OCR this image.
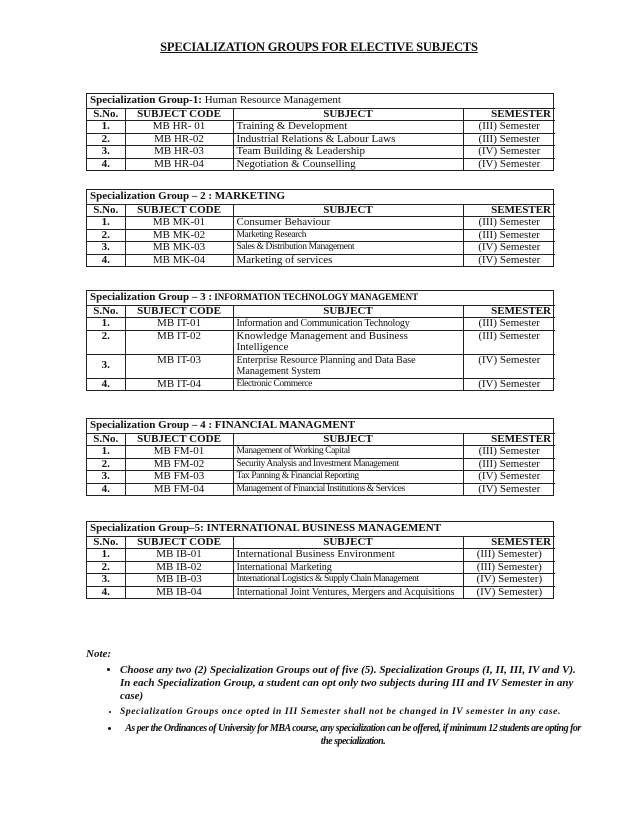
SPECIALIZATION GROUPS FOR ELECTIVE SUBJECTS
Specialization Group-1: Human Resource Management			
S.No.	SUBJECT CODE	SUBJECT	SEMESTER
1.	MB HR- 01	Training & Development	(III) Semester
2.	MB HR-02	Industrial Relations & Labour Laws	(III) Semester
3.	MB HR-03	Team Building & Leadership	(IV) Semester
4.	MB HR-04	Negotiation & Counselling	(IV) Semester
Specialization Group – 2 : MARKETING			
S.No.	SUBJECT CODE	SUBJECT	SEMESTER
1.	MB MK-01	Consumer Behaviour	(III) Semester
2.	MB MK-02	Marketing Research	(III) Semester
3.	MB MK-03	Sales & Distribution Management	(IV) Semester
4.	MB MK-04	Marketing of services	(IV) Semester
Specialization Group – 3 : INFORMATION TECHNOLOGY MANAGEMENT			
S.No.	SUBJECT CODE	SUBJECT	SEMESTER
1.	MB IT-01	Information and Communication Technology	(III) Semester
2.	MB IT-02	Knowledge Management and Business Intelligence	(III) Semester
3.	MB IT-03	Enterprise Resource Planning and Data Base Management System	(IV) Semester
4.	MB IT-04	Electronic Commerce	(IV) Semester
Specialization Group – 4 : FINANCIAL MANAGMENT			
S.No.	SUBJECT CODE	SUBJECT	SEMESTER
1.	MB FM-01	Management of Working Capital	(III) Semester
2.	MB FM-02	Security Analysis and Investment Management	(III) Semester
3.	MB FM-03	Tax Panning & Financial Reporting	(IV) Semester
4.	MB FM-04	Management of Financial Institutions & Services	(IV) Semester
Specialization Group–5: INTERNATIONAL BUSINESS MANAGEMENT			
S.No.	SUBJECT CODE	SUBJECT	SEMESTER
1.	MB IB-01	International Business Environment	(III) Semester)
2.	MB IB-02	International Marketing	(III) Semester)
3.	MB IB-03	International Logistics & Supply Chain Management	(IV) Semester)
4.	MB IB-04	International Joint Ventures, Mergers and Acquisitions	(IV) Semester)

Note:

• Choose any two (2) Specialization Groups out of five (5). Specialization Groups (I, II, III, IV and V). In each Specialization Group, a student can opt only two subjects during III and IV Semester in any case)
• Specialization Groups once opted in III Semester shall not be changed in IV semester in any case.
• As per the Ordinances of University for MBA course, any specialization can be offered, if minimum 12 students are opting for the specialization.
